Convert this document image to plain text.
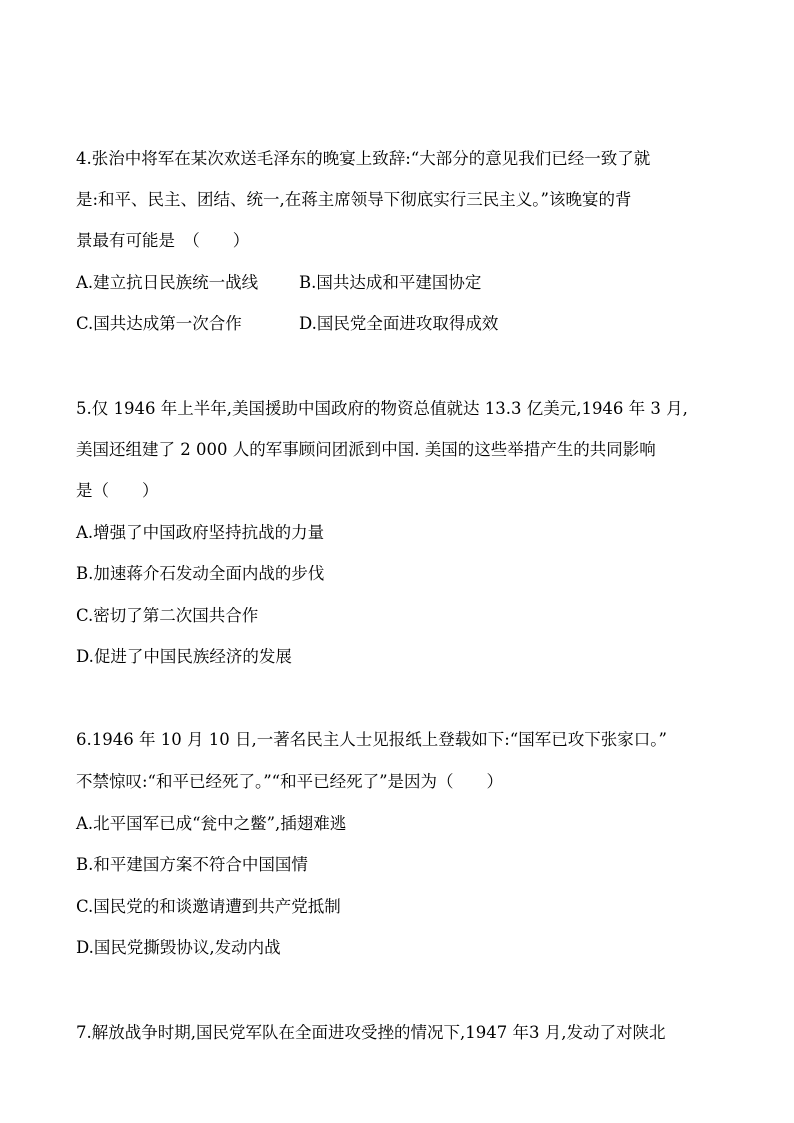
4.张治中将军在某次欢送毛泽东的晚宴上致辞:“大部分的意见我们已经一致了就
是:和平、民主、团结、统一,在蒋主席领导下彻底实行三民主义。”该晚宴的背
景最有可能是　（　　）
A.建立抗日民族统一战线 B.国共达成和平建国协定
C.国共达成第一次合作	D.国民党全面进攻取得成效
5.仅 1946 年上半年,美国援助中国政府的物资总值就达 13.3 亿美元,1946 年 3 月,
美国还组建了 2 000 人的军事顾问团派到中国. 美国的这些举措产生的共同影响
是（　　）
A.增强了中国政府坚持抗战的力量
B.加速蒋介石发动全面内战的步伐
C.密切了第二次国共合作
D.促进了中国民族经济的发展
6.1946 年 10 月 10 日,一著名民主人士见报纸上登载如下:“国军已攻下张家口。”
不禁惊叹:“和平已经死了。”“和平已经死了”是因为（　　）
A.北平国军已成“瓮中之鳖”,插翅难逃
B.和平建国方案不符合中国国情
C.国民党的和谈邀请遭到共产党抵制
D.国民党撕毁协议,发动内战
7.解放战争时期,国民党军队在全面进攻受挫的情况下,1947 年3 月,发动了对陕北
